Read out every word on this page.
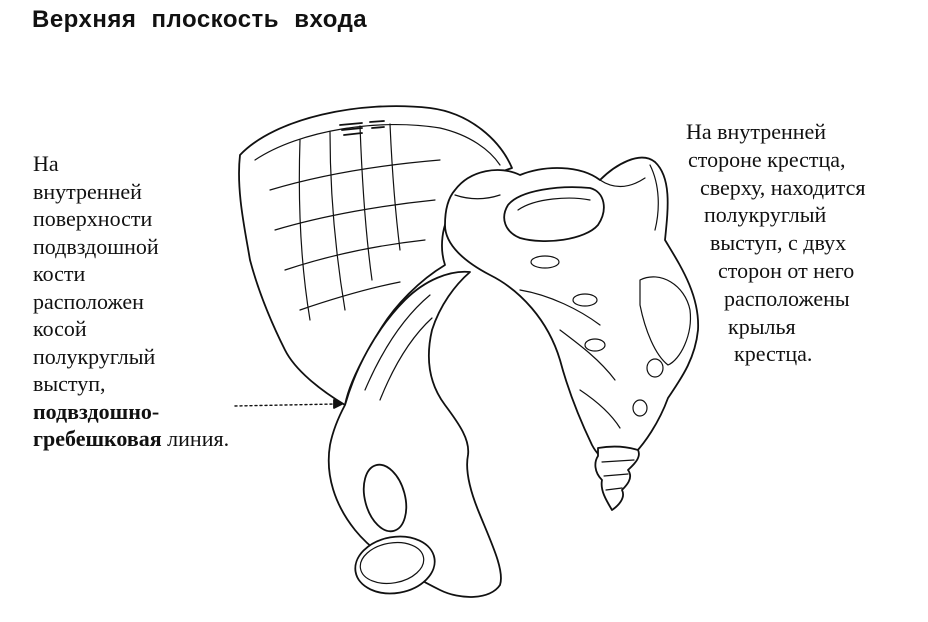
Верхняя плоскость входа
На
внутренней
поверхности
подвздошной
кости
расположен
косой
полукруглый
выступ,
подвздошно-
гребешковая линия.
На внутренней
стороне крестца,
сверху, находится
полукруглый
выступ, с двух
сторон от него
расположены
крылья
крестца.
